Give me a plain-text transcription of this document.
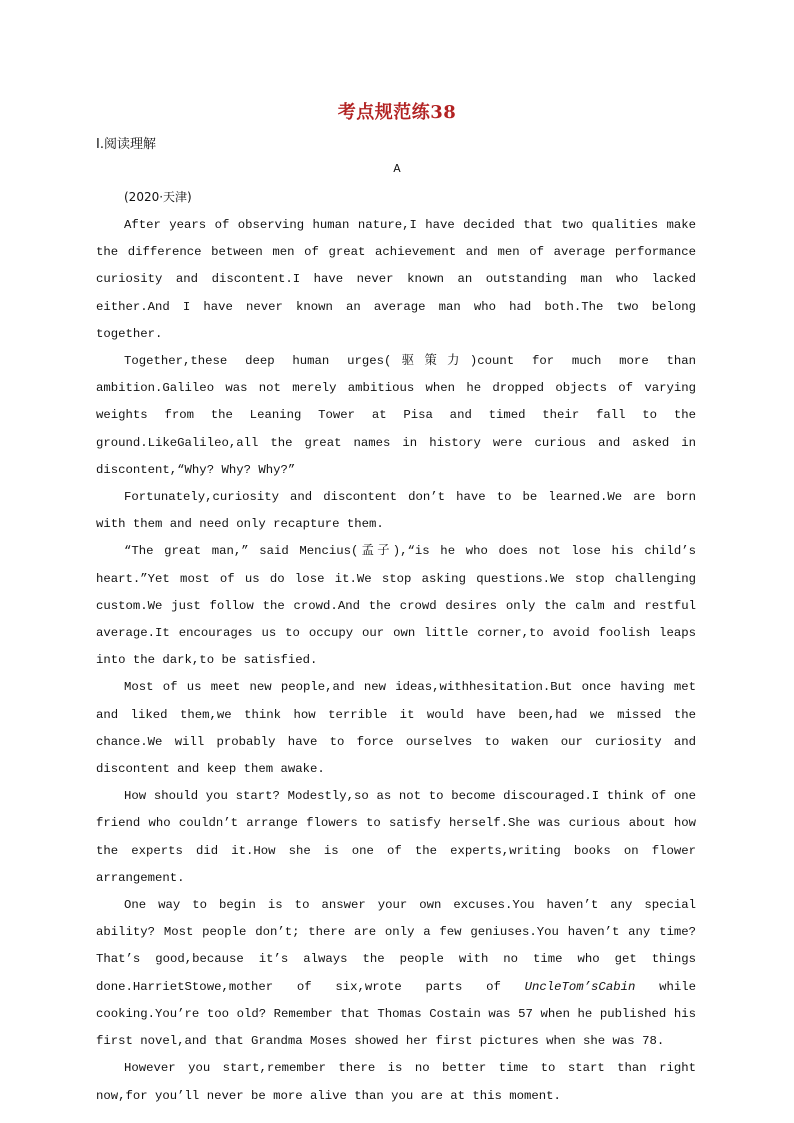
考点规范练38
Ⅰ.阅读理解
A
(2020·天津)

After years of observing human nature,I have decided that two qualities make the difference between men of great achievement and men of average performance curiosity and discontent.I have never known an outstanding man who lacked either.And I have never known an average man who had both.The two belong together.

Together,these deep human urges(驱策力)count for much more than ambition.Galileo was not merely ambitious when he dropped objects of varying weights from the Leaning Tower at Pisa and timed their fall to the ground.LikeGalileo,all the great names in history were curious and asked in discontent,“Why? Why? Why?”

Fortunately,curiosity and discontent don’t have to be learned.We are born with them and need only recapture them.

“The great man,” said Mencius(孟子),“is he who does not lose his child’s heart.”Yet most of us do lose it.We stop asking questions.We stop challenging custom.We just follow the crowd.And the crowd desires only the calm and restful average.It encourages us to occupy our own little corner,to avoid foolish leaps into the dark,to be satisfied.

Most of us meet new people,and new ideas,withhesitation.But once having met and liked them,we think how terrible it would have been,had we missed the chance.We will probably have to force ourselves to waken our curiosity and discontent and keep them awake.

How should you start? Modestly,so as not to become discouraged.I think of one friend who couldn’t arrange flowers to satisfy herself.She was curious about how the experts did it.How she is one of the experts,writing books on flower arrangement.

One way to begin is to answer your own excuses.You haven’t any special ability? Most people don’t; there are only a few geniuses.You haven’t any time? That’s good,because it’s always the people with no time who get things done.HarrietStowe,mother of six,wrote parts of UncleTom’sCabin while cooking.You’re too old? Remember that Thomas Costain was 57 when he published his first novel,and that Grandma Moses showed her first pictures when she was 78.

However you start,remember there is no better time to start than right now,for you’ll never be more alive than you are at this moment.
